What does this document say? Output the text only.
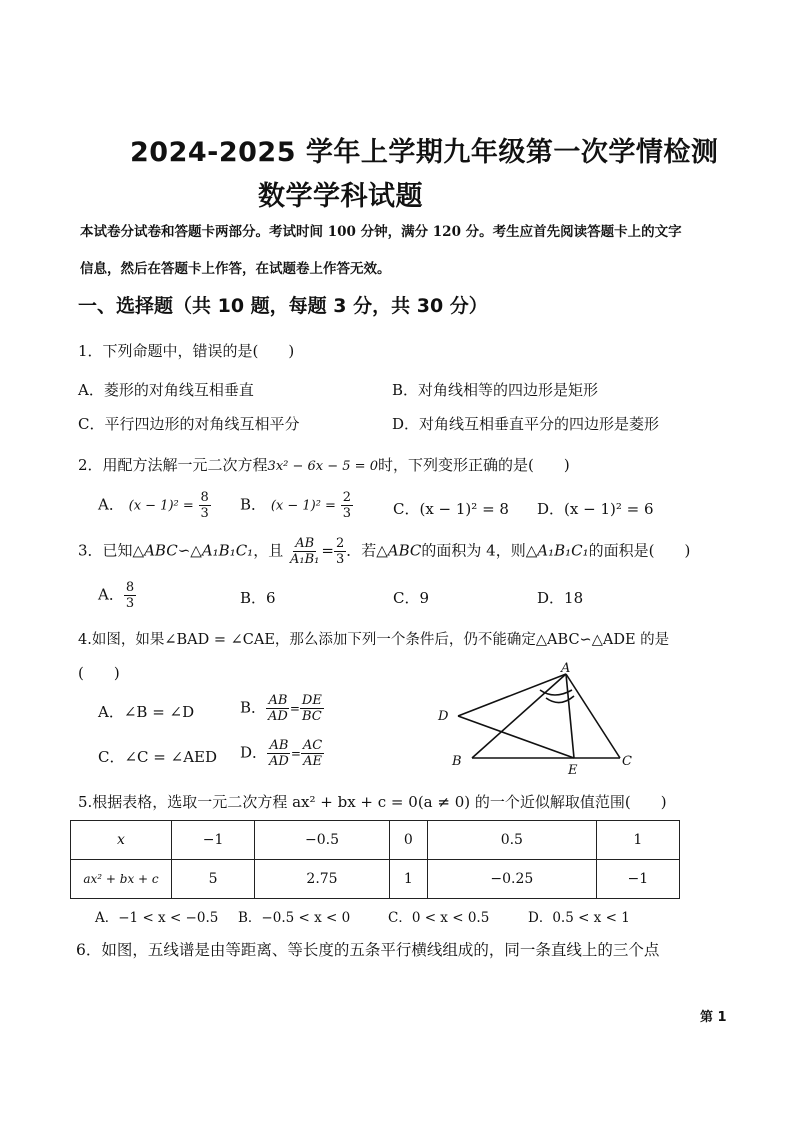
2024-2025 学年上学期九年级第一次学情检测
数学学科试题
本试卷分试卷和答题卡两部分。考试时间 100 分钟，满分 120 分。考生应首先阅读答题卡上的文字
信息，然后在答题卡上作答，在试题卷上作答无效。
一、选择题（共 10 题，每题 3 分，共 30 分）
1．下列命题中，错误的是(　　)
A．菱形的对角线互相垂直	B．对角线相等的四边形是矩形
C．平行四边形的对角线互相平分	D．对角线互相垂直平分的四边形是菱形
2．用配方法解一元二次方程3x² − 6x − 5 = 0时，下列变形正确的是(　　)
A． $(x - 1)^2 = \frac{8}{3}$ B． $(x - 1)^2 = \frac{2}{3}$	C．(x − 1)² = 8 D．(x − 1)² = 6
3．已知△ABC∽△A₁B₁C₁，且 $\frac{AB}{\text{A₁B₁}} = \frac{2}{3}$ ．若△ABC的面积为 4，则△A₁B₁C₁的面积是(　　)
A． $\frac{8}{3}$	B．6	C．9	D．18
4.如图，如果∠BAD = ∠CAE，那么添加下列一个条件后，仍不能确定△ABC∽△ADE 的是
(　　)
A．∠B = ∠D	B． $\frac{AB}{AD} = \frac{DE}{BC}$
C．∠C = ∠AED D． $\frac{AB}{AD} = \frac{AC}{AE}$
A
D
B
E
C
5.根据表格，选取一元二次方程 ax² + bx + c = 0(a ≠ 0) 的一个近似解取值范围(　　)
x	−1	−0.5	0	0.5	1
ax² + bx + c	5	2.75	1	−0.25	−1
A．−1 < x < −0.5 B．−0.5 < x < 0	C．0 < x < 0.5	D．0.5 < x < 1
6．如图，五线谱是由等距离、等长度的五条平行横线组成的，同一条直线上的三个点
第 1
